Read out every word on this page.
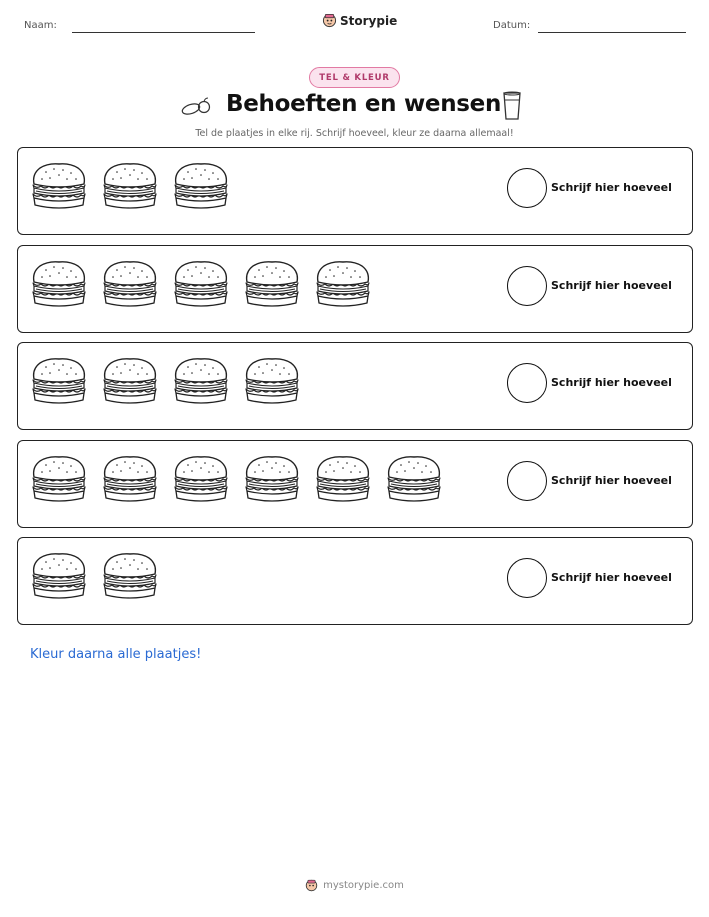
Naam:	Storypie	Datum:
TEL & KLEUR
Behoeften en wensen
Tel de plaatjes in elke rij. Schrijf hoeveel, kleur ze daarna allemaal!
Schrijf hier hoeveel
Schrijf hier hoeveel
Schrijf hier hoeveel
Schrijf hier hoeveel
Schrijf hier hoeveel
Kleur daarna alle plaatjes!
mystorypie.com
